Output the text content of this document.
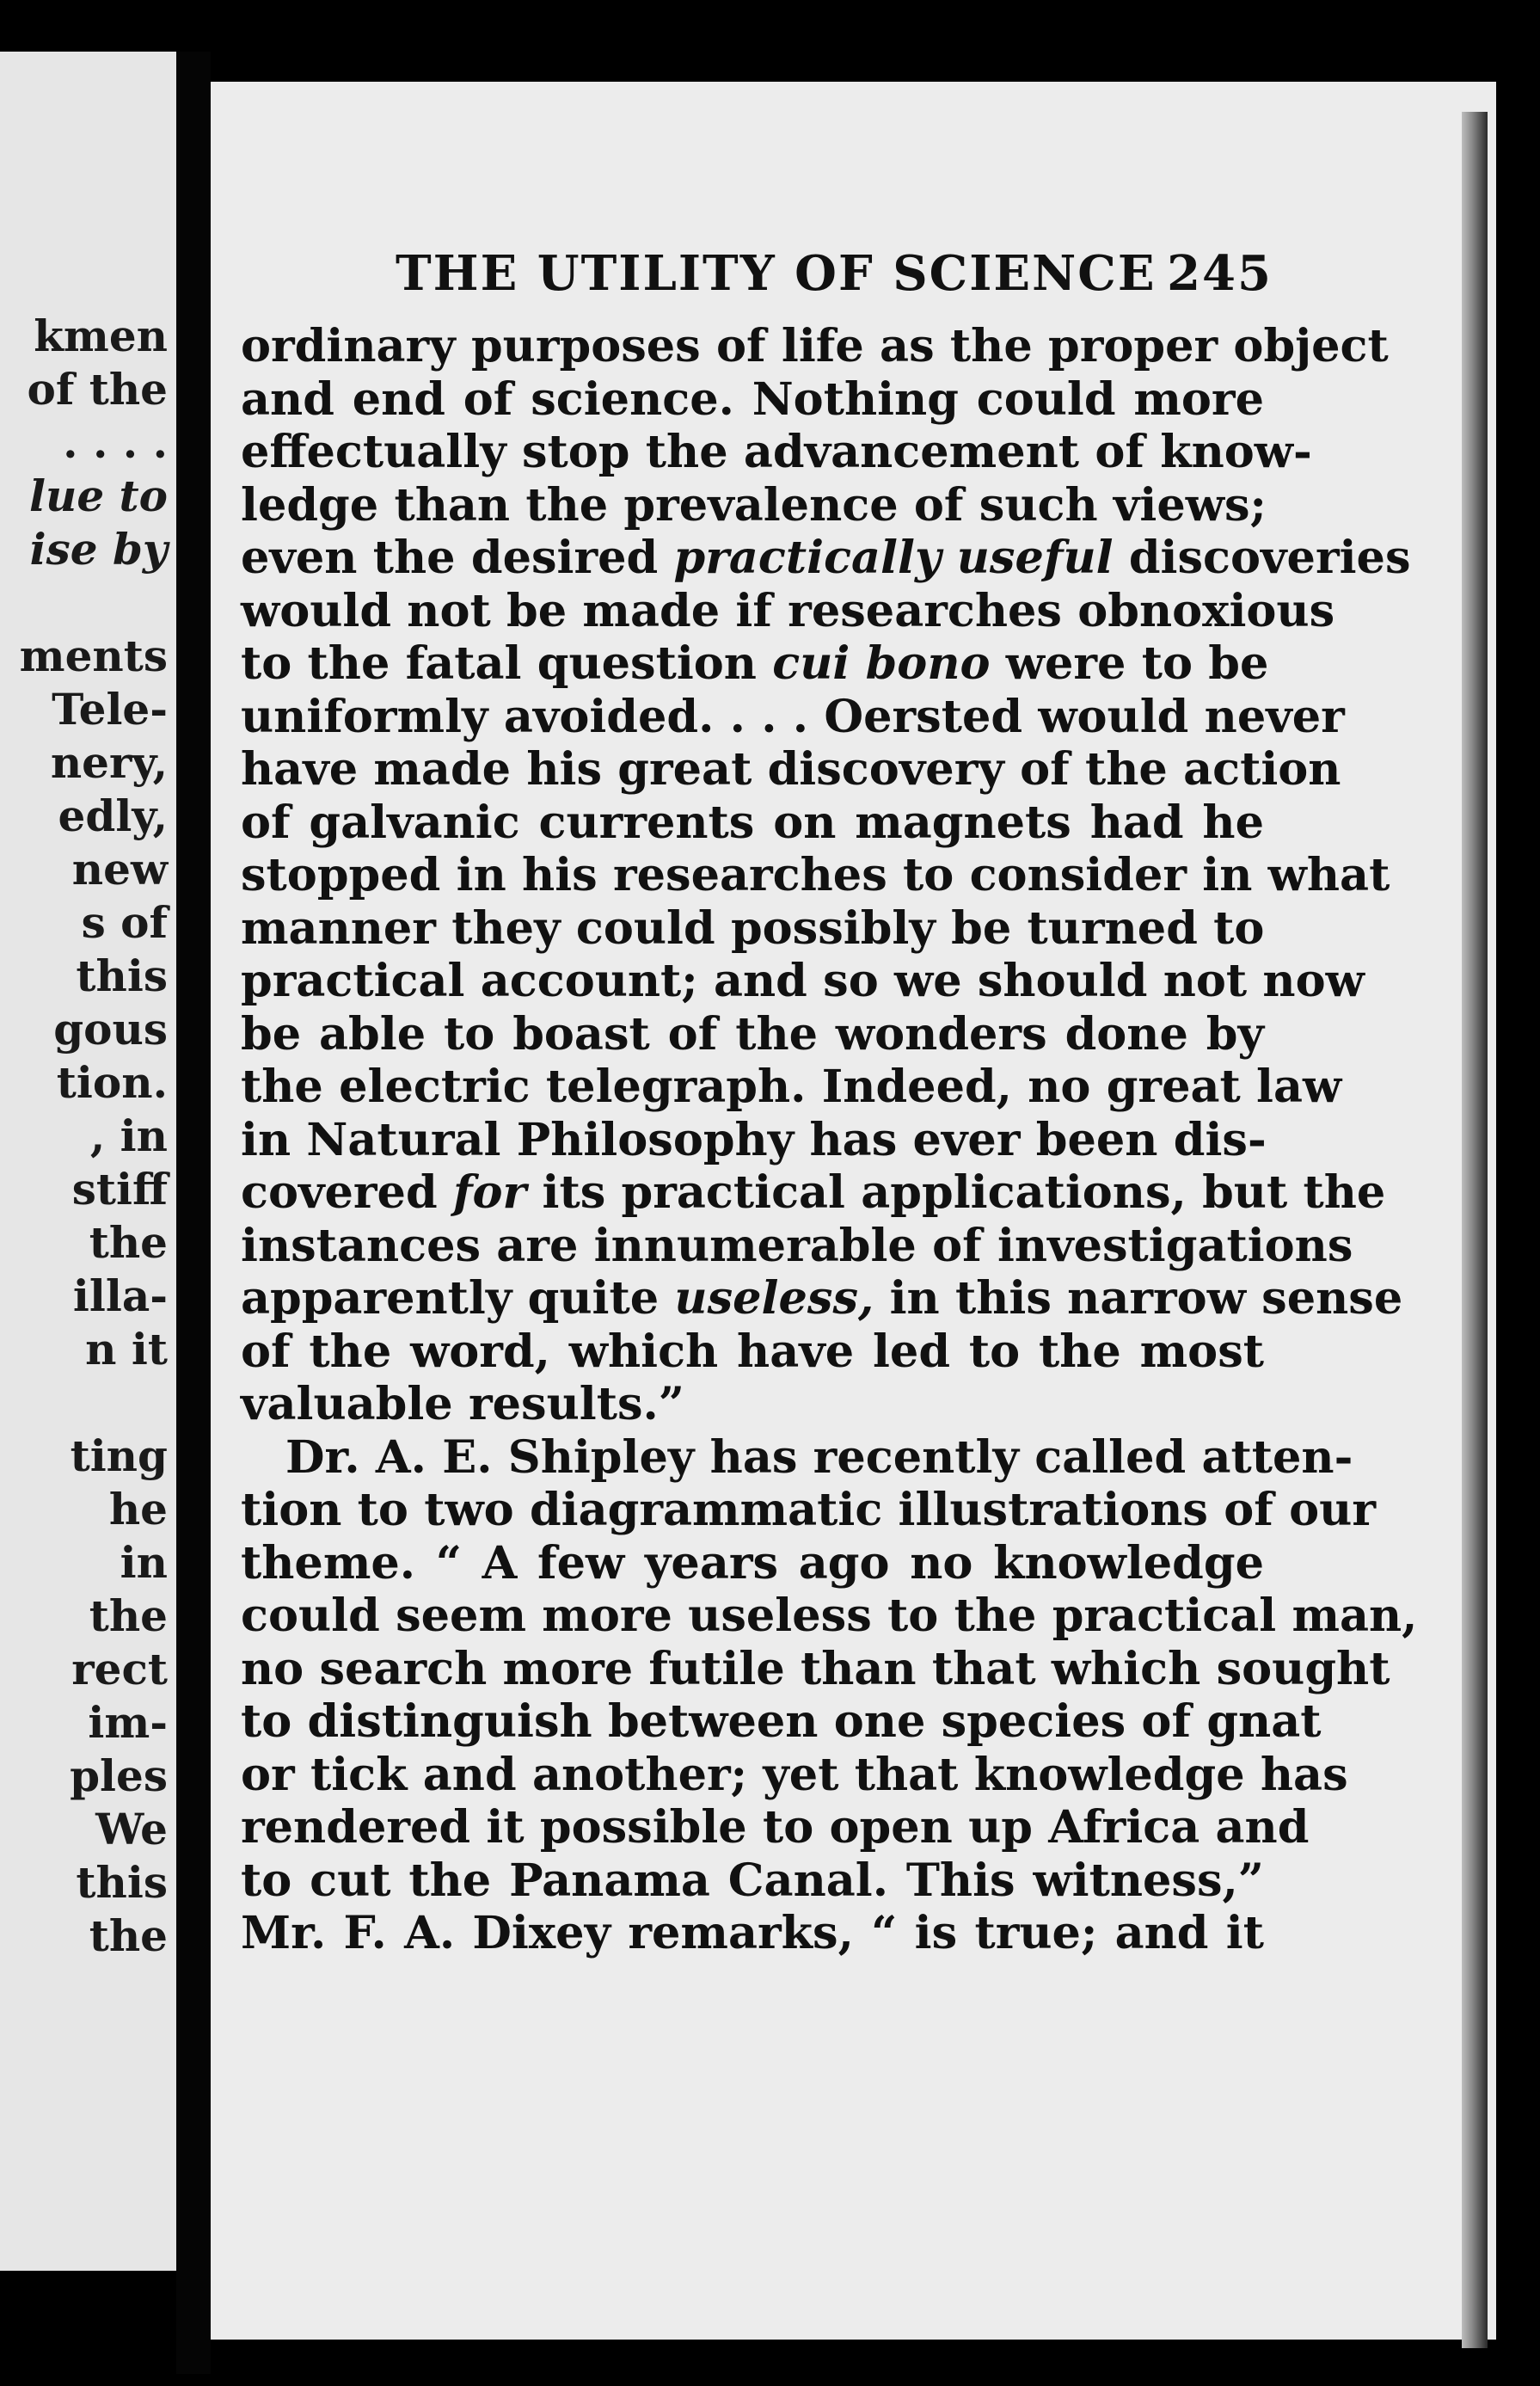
kmen
of the
. . . .
lue to
ise by
ments
Tele-
nery,
edly,
new
s of
this
gous
tion.
, in
stiff
the
illa-
n it
ting
he
in
the
rect
im-
ples
We
this
the
THE UTILITY OF SCIENCE 245
ordinary purposes of life as the proper object
and end of science. Nothing could more
effectually stop the advancement of know-
ledge than the prevalence of such views;
even the desired practically useful discoveries
would not be made if researches obnoxious
to the fatal question cui bono were to be
uniformly avoided. . . . Oersted would never
have made his great discovery of the action
of galvanic currents on magnets had he
stopped in his researches to consider in what
manner they could possibly be turned to
practical account; and so we should not now
be able to boast of the wonders done by
the electric telegraph. Indeed, no great law
in Natural Philosophy has ever been dis-
covered for its practical applications, but the
instances are innumerable of investigations
apparently quite useless, in this narrow sense
of the word, which have led to the most
valuable results.”
Dr. A. E. Shipley has recently called atten-
tion to two diagrammatic illustrations of our
theme. “ A few years ago no knowledge
could seem more useless to the practical man,
no search more futile than that which sought
to distinguish between one species of gnat
or tick and another; yet that knowledge has
rendered it possible to open up Africa and
to cut the Panama Canal. This witness,”
Mr. F. A. Dixey remarks, “ is true; and it
